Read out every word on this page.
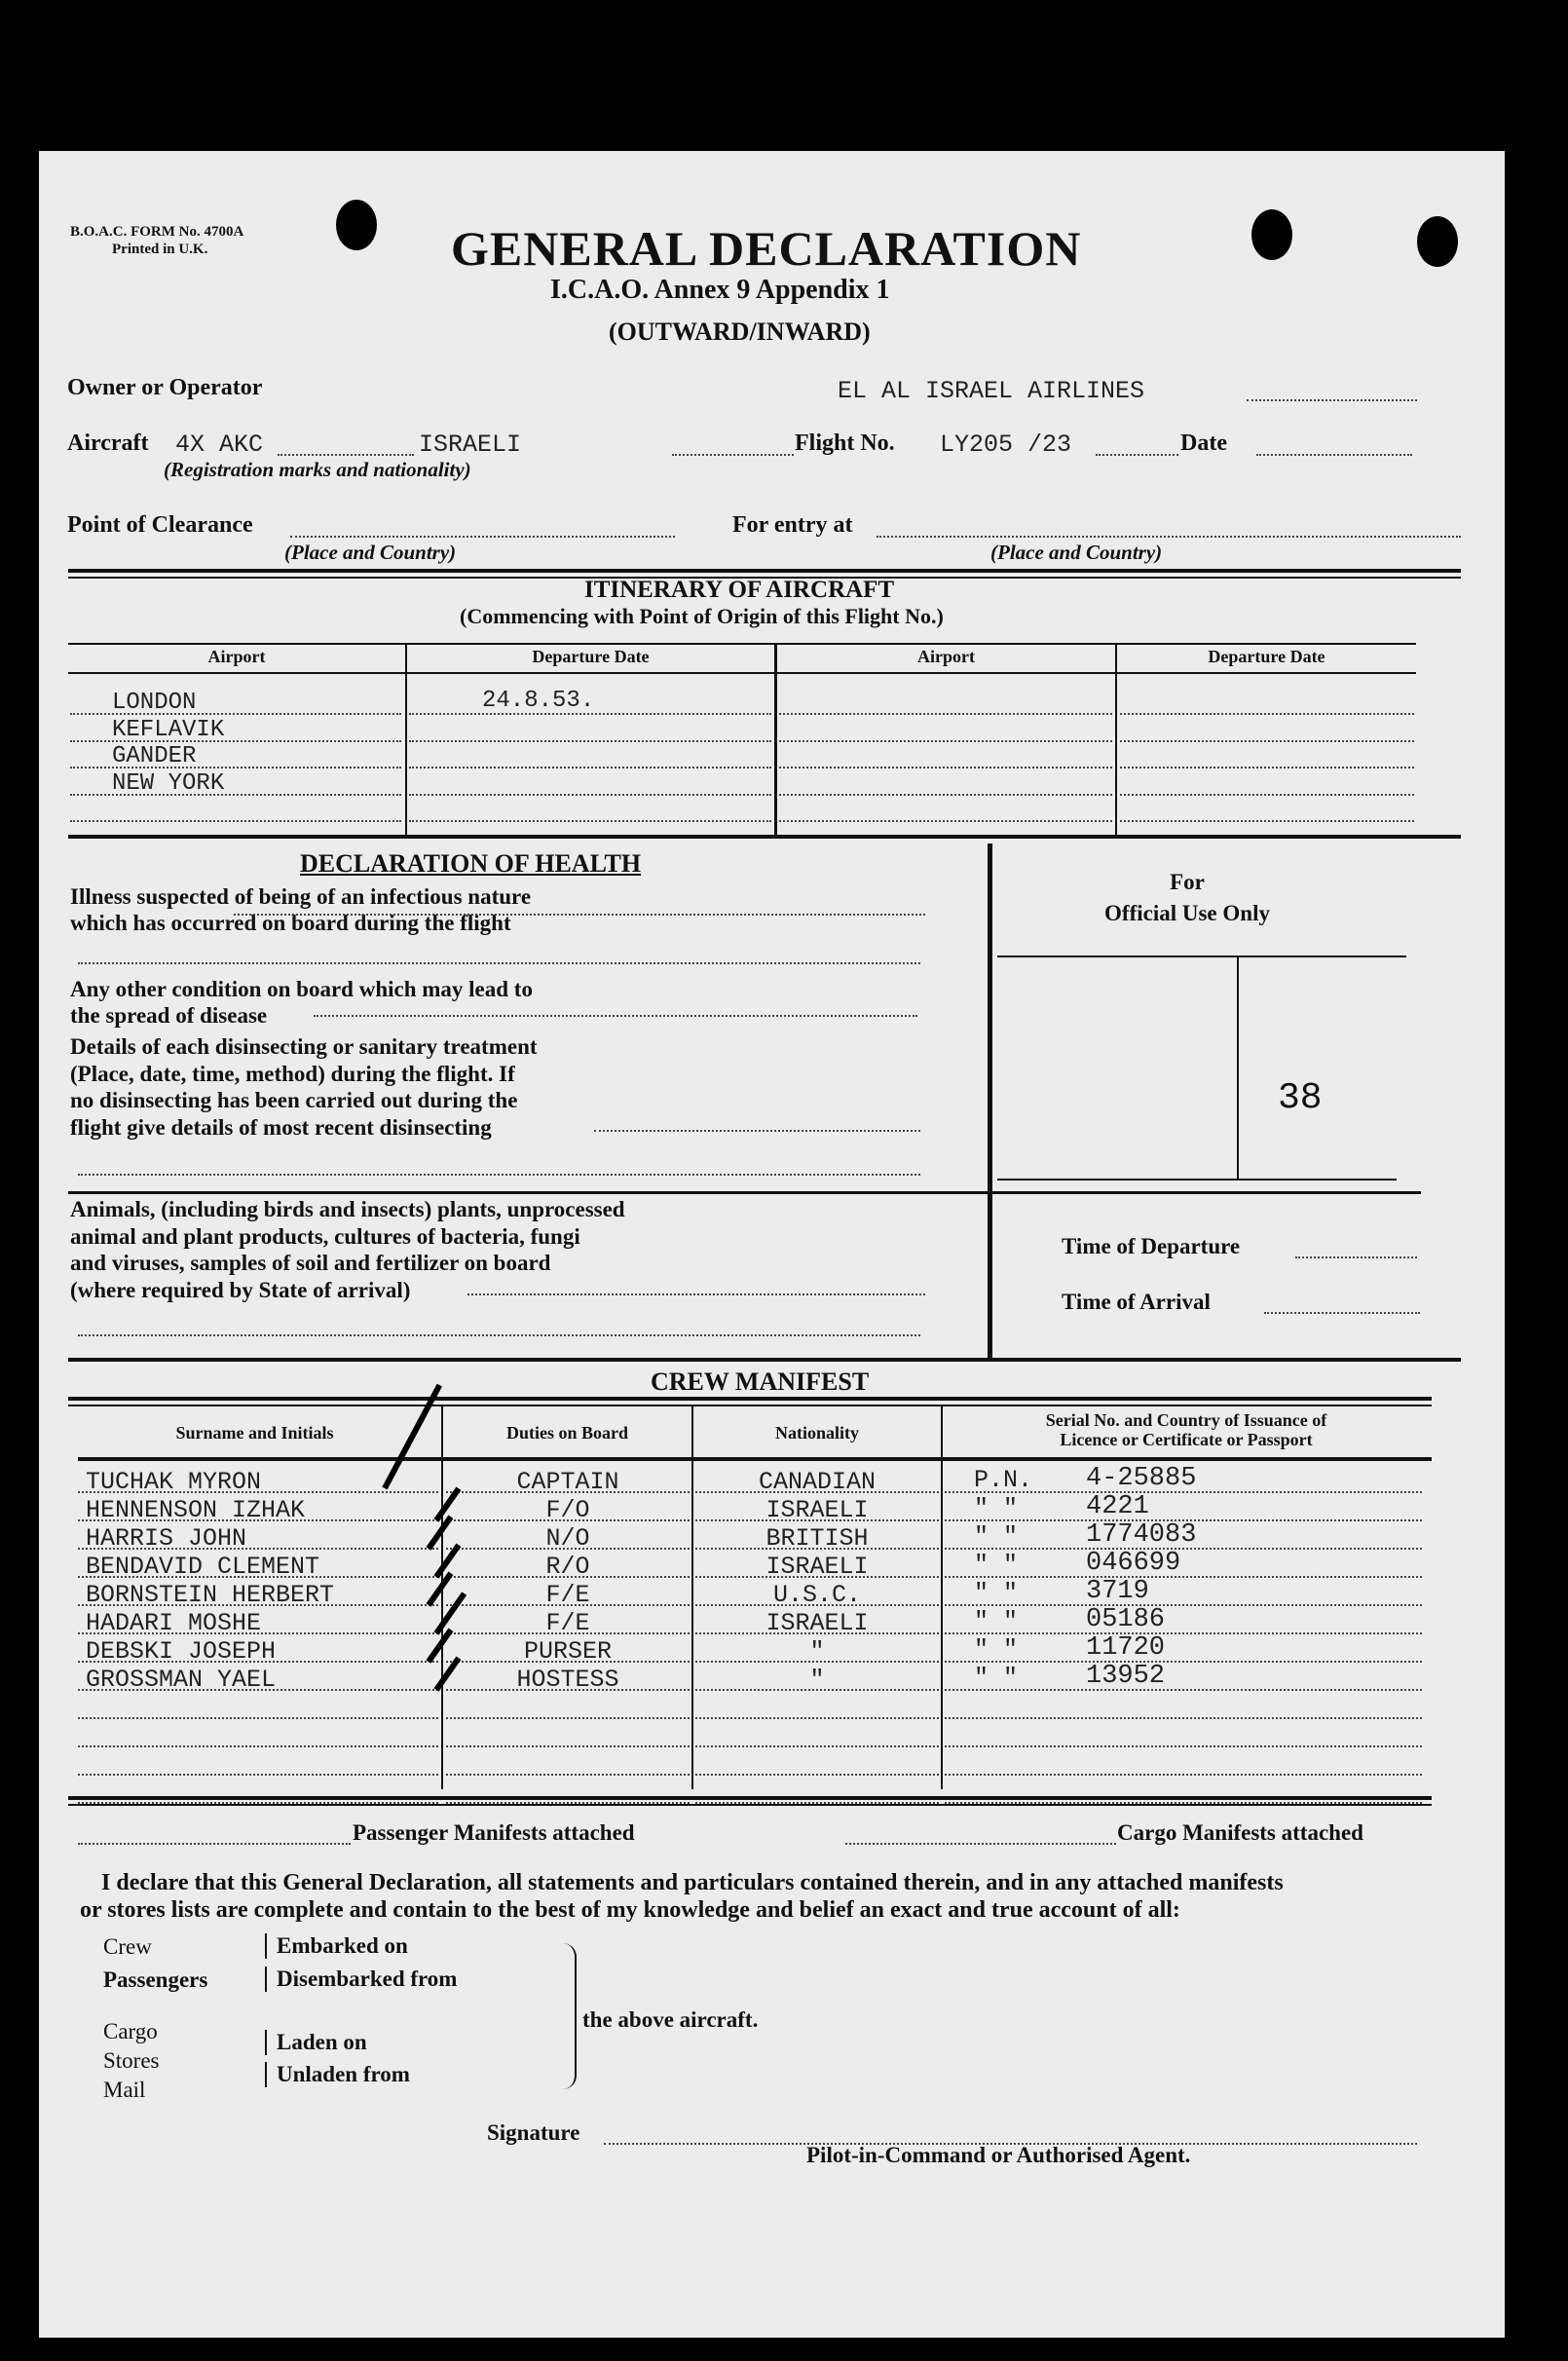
B.O.A.C. FORM No. 4700A
Printed in U.K.	GENERAL DECLARATION
I.C.A.O. Annex 9 Appendix 1
(OUTWARD/INWARD)
Owner or Operator	EL AL ISRAEL AIRLINES
Aircraft 4X AKC	ISRAELI
(Registration marks and nationality)
Flight No. LY205 /23	Date
Point of Clearance
(Place and Country)
For entry at
(Place and Country)
ITINERARY OF AIRCRAFT
(Commencing with Point of Origin of this Flight No.)
Airport	Departure Date	Airport	Departure Date
LONDON	24.8.53.
KEFLAVIK
GANDER
NEW YORK
DECLARATION OF HEALTH
Illness suspected of being of an infectious nature
which has occurred on board during the flight
Any other condition on board which may lead to
the spread of disease
Details of each disinsecting or sanitary treatment
(Place, date, time, method) during the flight. If
no disinsecting has been carried out during the
flight give details of most recent disinsecting
Animals, (including birds and insects) plants, unprocessed
animal and plant products, cultures of bacteria, fungi
and viruses, samples of soil and fertilizer on board
(where required by State of arrival)
For
Official Use Only
38
Time of Departure
Time of Arrival
CREW MANIFEST
Surname and Initials	Duties on Board	Nationality
Serial No. and Country of Issuance of
Licence or Certificate or Passport
TUCHAK MYRON	CAPTAIN	CANADIAN	P.N. 4-25885
HENNENSON IZHAK	F/O	ISRAELI	" "	4221
HARRIS JOHN	N/O	BRITISH	" "	1774083
BENDAVID CLEMENT	R/O	ISRAELI	" "	046699
BORNSTEIN HERBERT	F/E	U.S.C.	" "	3719
HADARI MOSHE	F/E	ISRAELI	" "	05186
DEBSKI JOSEPH	PURSER	"	" "	11720
GROSSMAN YAEL	HOSTESS	"	" "	13952
Passenger Manifests attached	Cargo Manifests attached
I declare that this General Declaration, all statements and particulars contained therein, and in any attached manifests
or stores lists are complete and contain to the best of my knowledge and belief an exact and true account of all:
Crew
Passengers
Embarked on
Disembarked from
Cargo
Stores
Mail
Laden on
Unladen from
the above aircraft.
Signature
Pilot-in-Command or Authorised Agent.
